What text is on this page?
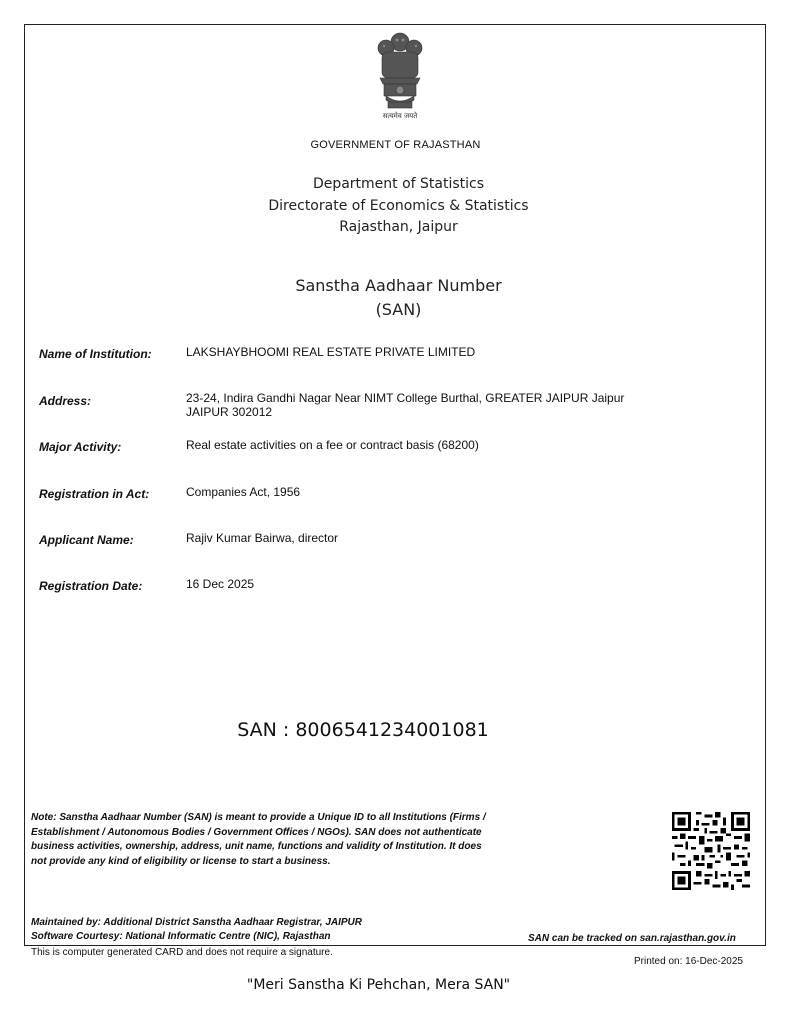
सत्यमेव जयते
GOVERNMENT OF RAJASTHAN
Department of Statistics
Directorate of Economics & Statistics
Rajasthan, Jaipur
Sanstha Aadhaar Number
(SAN)
Name of Institution:	LAKSHAYBHOOMI REAL ESTATE PRIVATE LIMITED
Address:	23-24, Indira Gandhi Nagar Near NIMT College Burthal, GREATER JAIPUR Jaipur
JAIPUR 302012
Major Activity:	Real estate activities on a fee or contract basis (68200)
Registration in Act:	Companies Act, 1956
Applicant Name:	Rajiv Kumar Bairwa, director
Registration Date:	16 Dec 2025
SAN : 8006541234001081
Note: Sanstha Aadhaar Number (SAN) is meant to provide a Unique ID to all Institutions (Firms /
Establishment / Autonomous Bodies / Government Offices / NGOs). SAN does not authenticate
business activities, ownership, address, unit name, functions and validity of Institution. It does
not provide any kind of eligibility or license to start a business.
Maintained by: Additional District Sanstha Aadhaar Registrar, JAIPUR
Software Courtesy: National Informatic Centre (NIC), Rajasthan	SAN can be tracked on san.rajasthan.gov.in
This is computer generated CARD and does not require a signature.
Printed on: 16-Dec-2025
"Meri Sanstha Ki Pehchan, Mera SAN"
